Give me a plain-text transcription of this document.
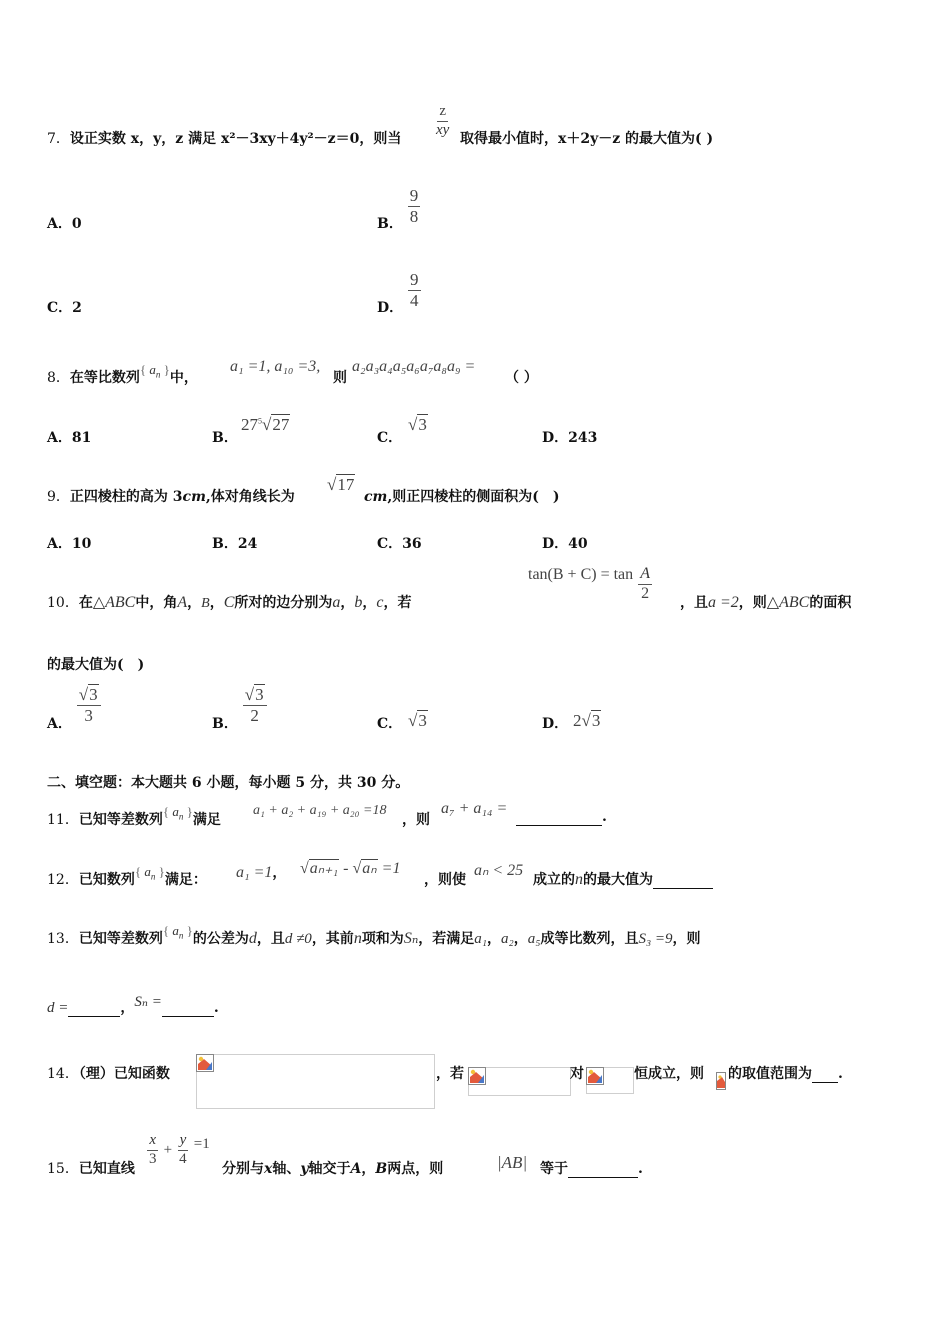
7．设正实数 x，y，z 满足 x²－3xy＋4y²－z＝0，则当
$\frac{z}{xy}$
取得最小值时，x＋2y－z 的最大值为( )
A．0	B． $\frac{9}{8}$
C．2	D． $\frac{9}{4}$
8．在等比数列{ $a_n$ }中，
a₁ =1, a₁₀ =3,
则
a₂a₃a₄a₅a₆a₇a₈a₉ =
（ ）
A．81	B．
$27^5√27$
C．
√3
D．243
9．正四棱柱的高为 3cm,体对角线长为
√17
cm,则正四棱柱的侧面积为(　)
A．10	B．24	C．36	D．40
10．在△ABC中，角A，B，C所对的边分别为a，b，c，若
$\tan(B + C) = \tan \frac{A}{2}$
，且a =2，则△ABC的面积
的最大值为(　)
A． $\frac{√3}{3}$	B． $\frac{√3}{2}$	C． √3	D． 2√3
二、填空题：本大题共 6 小题，每小题 5 分，共 30 分。
11．已知等差数列{ $a_n$ }满足
a₁ + a₂ + a₁₉ + a₂₀ =18
，则
a₇ + a₁₄ =	.
12．已知数列{ $a_n$ }满足： a₁ =1， √aₙ₊₁ - √aₙ =1
，则使
aₙ < 25
成立的n的最大值为
13．已知等差数列{ $a_n$ }的公差为d，且d ≠0，其前n项和为Sₙ，若满足a₁，a₂，a₅成等比数列，且S₃ =9，则
d =	，Sₙ =	.
14．（理）已知函数	，若	对	恒成立，则 的取值范围为 .
15．已知直线
$\frac{x}{3} + \frac{y}{4} =1$
分别与x轴、y轴交于A，B两点，则	|AB| 等于	.
